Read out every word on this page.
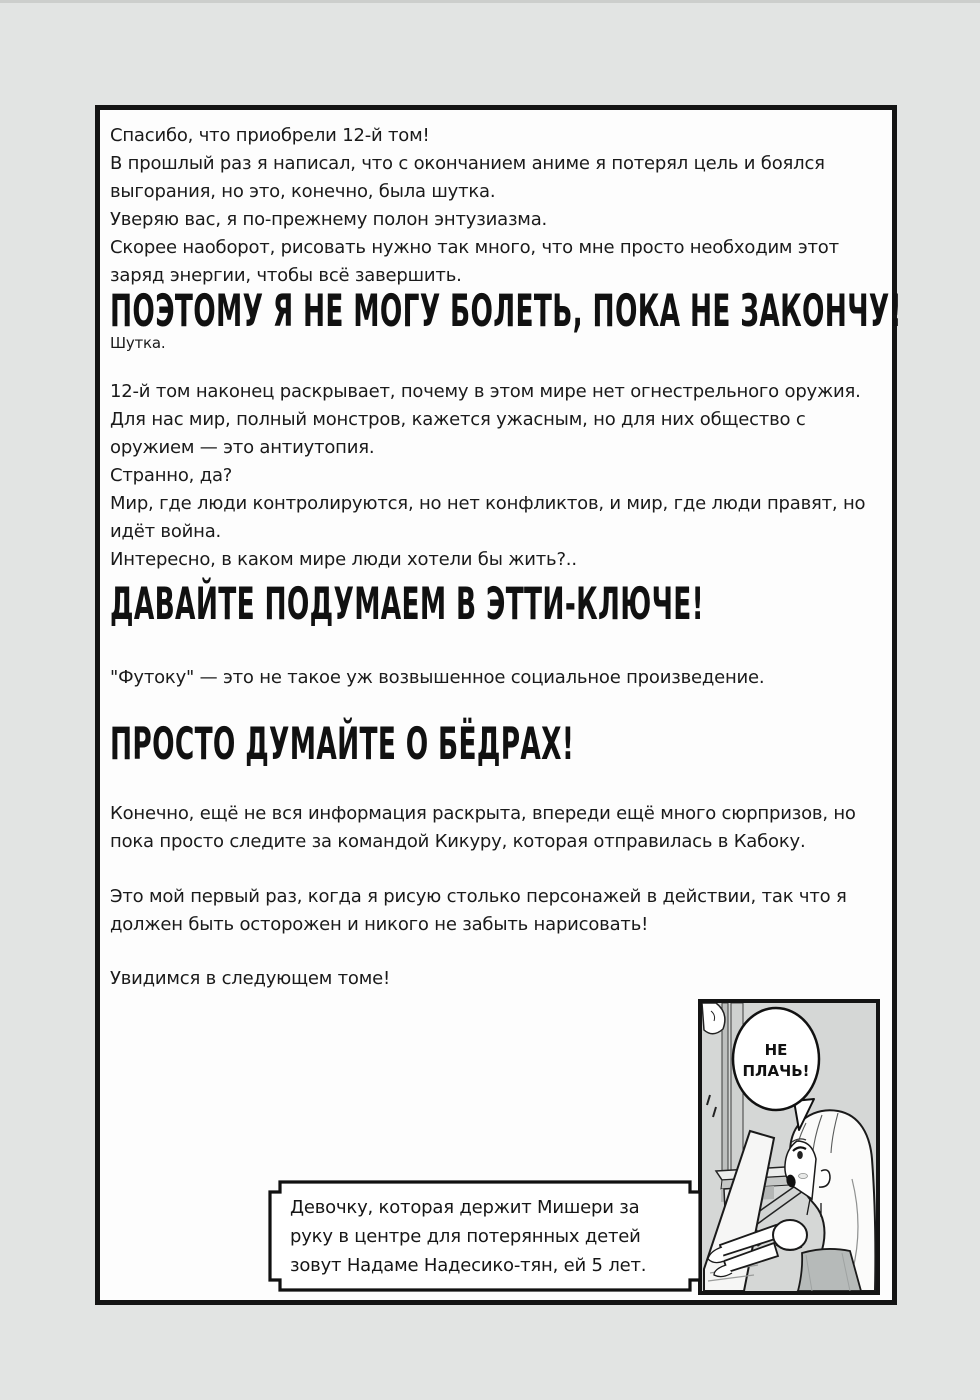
Спасибо, что приобрели 12-й том!

В прошлый раз я написал, что с окончанием аниме я потерял цель и боялся выгорания, но это, конечно, была шутка.

Уверяю вас, я по-прежнему полон энтузиазма.

Скорее наоборот, рисовать нужно так много, что мне просто необходим этот заряд энергии, чтобы всё завершить.

ПОЭТОМУ Я НЕ МОГУ БОЛЕТЬ, ПОКА НЕ ЗАКОНЧУ!
Шутка.

12-й том наконец раскрывает, почему в этом мире нет огнестрельного оружия.

Для нас мир, полный монстров, кажется ужасным, но для них общество с оружием — это антиутопия.

Странно, да?

Мир, где люди контролируются, но нет конфликтов, и мир, где люди правят, но идёт война.

Интересно, в каком мире люди хотели бы жить?..

ДАВАЙТЕ ПОДУМАЕМ В ЭТТИ-КЛЮЧЕ!

"Футоку" — это не такое уж возвышенное социальное произведение.

ПРОСТО ДУМАЙТЕ О БЁДРАХ!

Конечно, ещё не вся информация раскрыта, впереди ещё много сюрпризов, но пока просто следите за командой Кикуру, которая отправилась в Кабоку.

Это мой первый раз, когда я рисую столько персонажей в действии, так что я должен быть осторожен и никого не забыть нарисовать!

Увидимся в следующем томе!

НЕ
ПЛАЧЬ!
Девочку, которая держит Мишери за руку в центре для потерянных детей зовут Надаме Надесико-тян, ей 5 лет.
